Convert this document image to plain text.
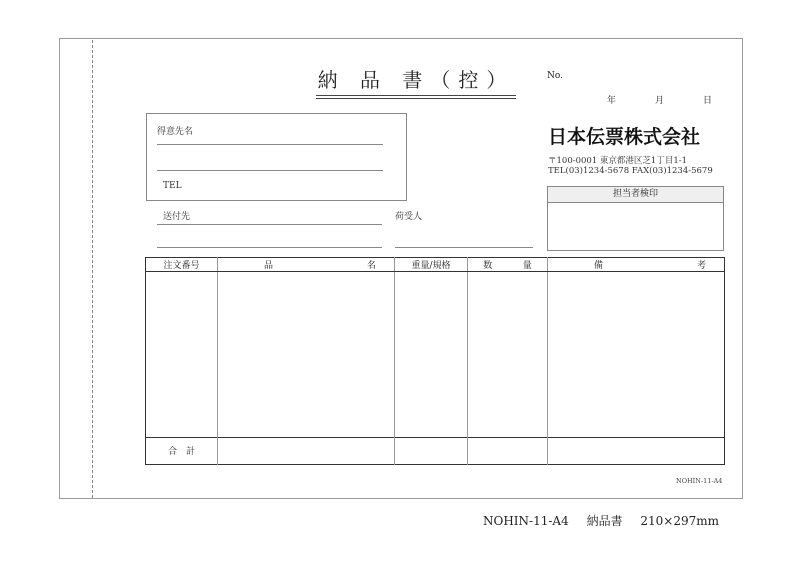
納 品 書（控）	No.
年	月	日
得意先名
TEL
送付先	荷受人
日本伝票株式会社
〒100-0001 東京都港区芝1丁目1-1
TEL(03)1234-5678 FAX(03)1234-5679
担当者検印
注文番号	品 名	重量/規格	数 量	備 考

合　計				
NOHIN-11-A4
NOHIN-11-A4 納品書 210×297mm
